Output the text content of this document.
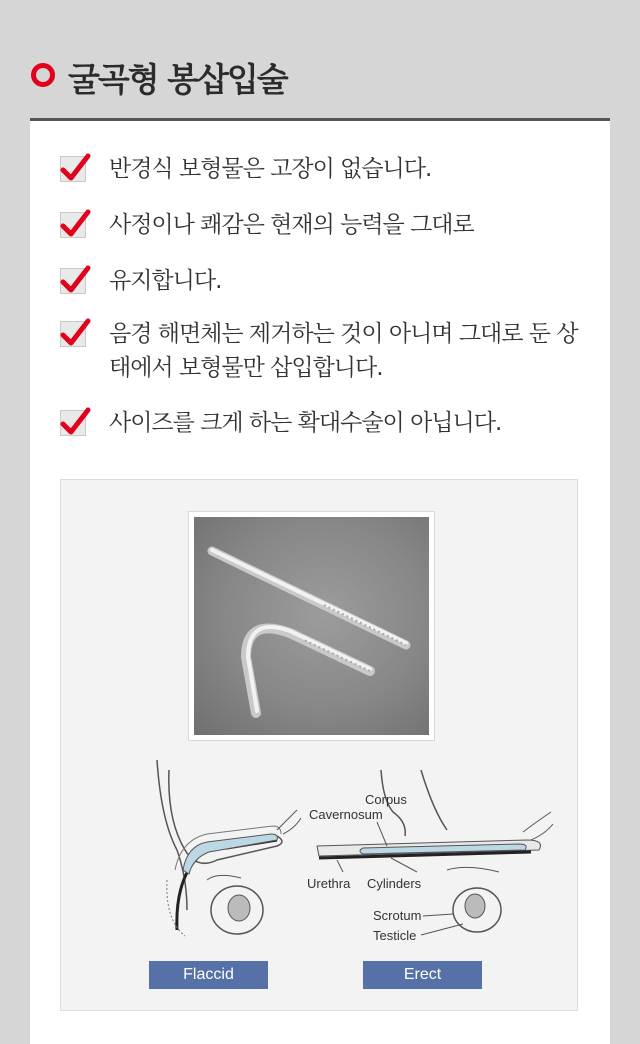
굴곡형 봉삽입술
반경식 보형물은 고장이 없습니다.
사정이나 쾌감은 현재의 능력을 그대로
유지합니다.
음경 해면체는 제거하는 것이 아니며 그대로 둔 상태에서 보형물만 삽입합니다.
사이즈를 크게 하는 확대수술이 아닙니다.
Corpus
Cavernosum
Urethra Cylinders
Scrotum
Testicle
Flaccid	Erect
